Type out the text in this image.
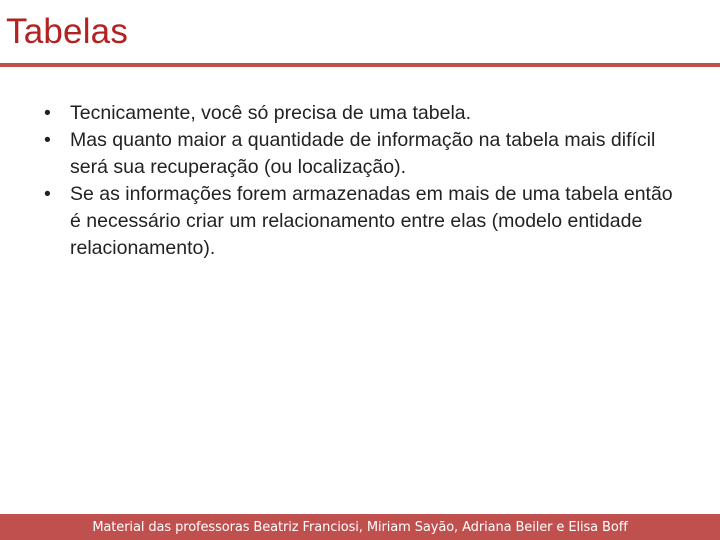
Tabelas
• Tecnicamente, você só precisa de uma tabela.
• Mas quanto maior a quantidade de informação na tabela mais difícil será sua recuperação (ou localização).
• Se as informações forem armazenadas em mais de uma tabela então é necessário criar um relacionamento entre elas (modelo entidade relacionamento).
Material das professoras Beatriz Franciosi, Miriam Sayão, Adriana Beiler e Elisa Boff
